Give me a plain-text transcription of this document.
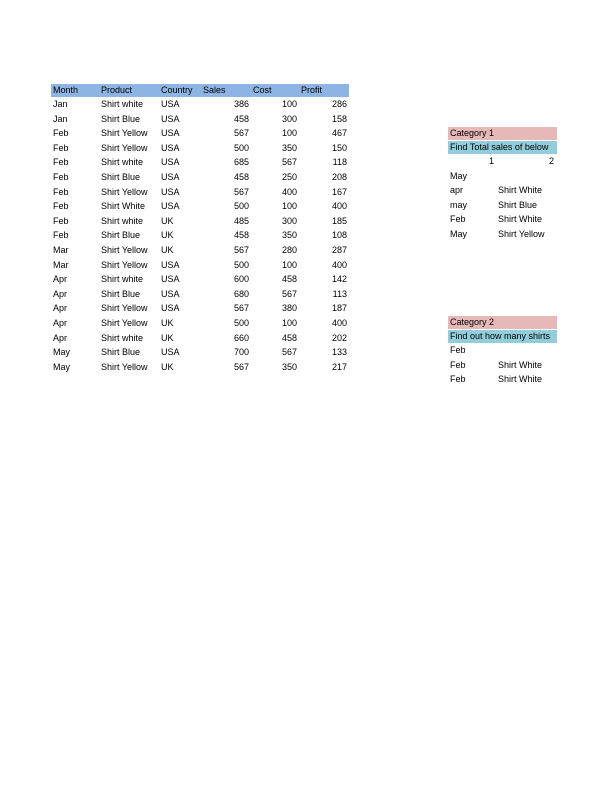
Month	Product	Country Sales	Cost	Profit
Jan	Shirt white USA	386	100	286
Jan	Shirt Blue USA	458	300	158
Feb	Shirt Yellow USA	567	100	467
Feb	Shirt Yellow USA	500	350	150
Feb	Shirt white USA	685	567	118
Feb	Shirt Blue USA	458	250	208
Feb	Shirt Yellow USA	567	400	167
Feb	Shirt White USA	500	100	400
Feb	Shirt white UK	485	300	185
Feb	Shirt Blue UK	458	350	108
Mar	Shirt Yellow UK	567	280	287
Mar	Shirt Yellow USA	500	100	400
Apr	Shirt white USA	600	458	142
Apr	Shirt Blue USA	680	567	113
Apr	Shirt Yellow USA	567	380	187
Apr	Shirt Yellow UK	500	100	400
Apr	Shirt white UK	660	458	202
May	Shirt Blue USA	700	567	133
May	Shirt Yellow UK	567	350	217
Category 1
Find Total sales of below
1	2
May
apr	Shirt White
may	Shirt Blue
Feb	Shirt White
May	Shirt Yellow
Category 2
Find out how many shirts
Feb
Feb	Shirt White
Feb	Shirt White
